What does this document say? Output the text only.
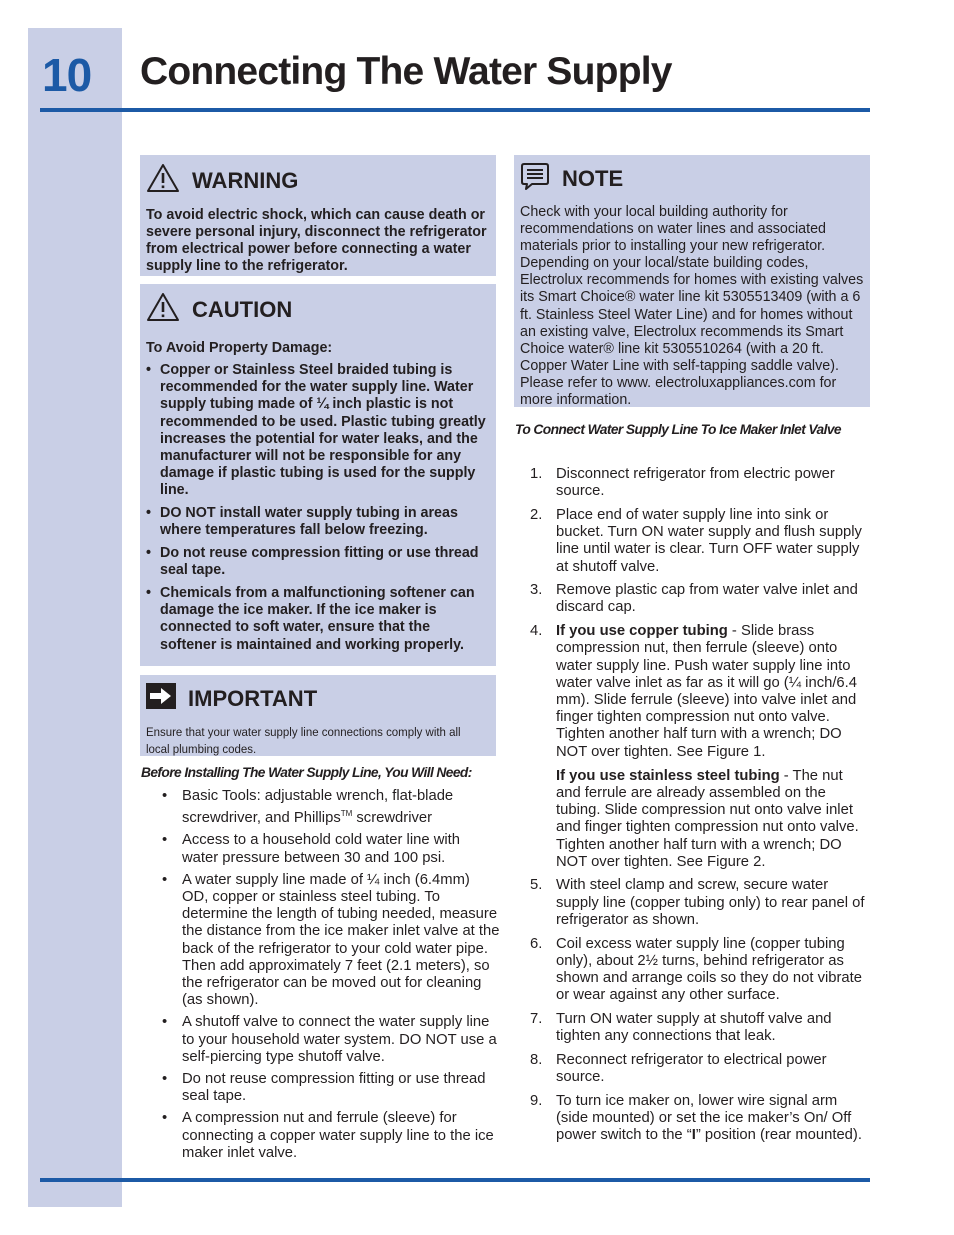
10 Connecting The Water Supply
WARNING
To avoid electric shock, which can cause death or severe personal injury, disconnect the refrigerator from electrical power before connecting a water supply line to the refrigerator.
CAUTION
To Avoid Property Damage:
• Copper or Stainless Steel braided tubing is recommended for the water supply line. Water supply tubing made of ¼ inch plastic is not recommended to be used. Plastic tubing greatly increases the potential for water leaks, and the manufacturer will not be responsible for any damage if plastic tubing is used for the supply line.
• DO NOT install water supply tubing in areas where temperatures fall below freezing.
• Do not reuse compression fitting or use thread seal tape.
• Chemicals from a malfunctioning softener can damage the ice maker. If the ice maker is connected to soft water, ensure that the softener is maintained and working properly.
IMPORTANT
Ensure that your water supply line connections comply with all local plumbing codes.
NOTE
Check with your local building authority for recommendations on water lines and associated materials prior to installing your new refrigerator. Depending on your local/state building codes, Electrolux recommends for homes with existing valves its Smart Choice® water line kit 5305513409 (with a 6 ft. Stainless Steel Water Line) and for homes without an existing valve, Electrolux recommends its Smart Choice water® line kit 5305510264 (with a 20 ft. Copper Water Line with self-tapping saddle valve). Please refer to www. electroluxappliances.com for more information.
Before Installing The Water Supply Line, You Will Need:
• Basic Tools: adjustable wrench, flat-blade screwdriver, and Phillips™ screwdriver
• Access to a household cold water line with water pressure between 30 and 100 psi.
• A water supply line made of ¼ inch (6.4mm) OD, copper or stainless steel tubing. To determine the length of tubing needed, measure the distance from the ice maker inlet valve at the back of the refrigerator to your cold water pipe. Then add approximately 7 feet (2.1 meters), so the refrigerator can be moved out for cleaning (as shown).
• A shutoff valve to connect the water supply line to your household water system. DO NOT use a self-piercing type shutoff valve.
• Do not reuse compression fitting or use thread seal tape.
• A compression nut and ferrule (sleeve) for connecting a copper water supply line to the ice maker inlet valve.
To Connect Water Supply Line To Ice Maker Inlet Valve
1. Disconnect refrigerator from electric power source.

2. Place end of water supply line into sink or bucket. Turn ON water supply and flush supply line until water is clear. Turn OFF water supply at shutoff valve.

3. Remove plastic cap from water valve inlet and discard cap.

4. If you use copper tubing - Slide brass compression nut, then ferrule (sleeve) onto water supply line. Push water supply line into water valve inlet as far as it will go (¼ inch/6.4 mm). Slide ferrule (sleeve) into valve inlet and finger tighten compression nut onto valve. Tighten another half turn with a wrench; DO NOT over tighten. See Figure 1.

If you use stainless steel tubing - The nut and ferrule are already assembled on the tubing. Slide compression nut onto valve inlet and finger tighten compression nut onto valve. Tighten another half turn with a wrench; DO NOT over tighten. See Figure 2.

5. With steel clamp and screw, secure water supply line (copper tubing only) to rear panel of refrigerator as shown.

6. Coil excess water supply line (copper tubing only), about 2½ turns, behind refrigerator as shown and arrange coils so they do not vibrate or wear against any other surface.

7. Turn ON water supply at shutoff valve and tighten any connections that leak.

8. Reconnect refrigerator to electrical power source.

9. To turn ice maker on, lower wire signal arm (side mounted) or set the ice maker’s On/ Off power switch to the “I” position (rear mounted).
